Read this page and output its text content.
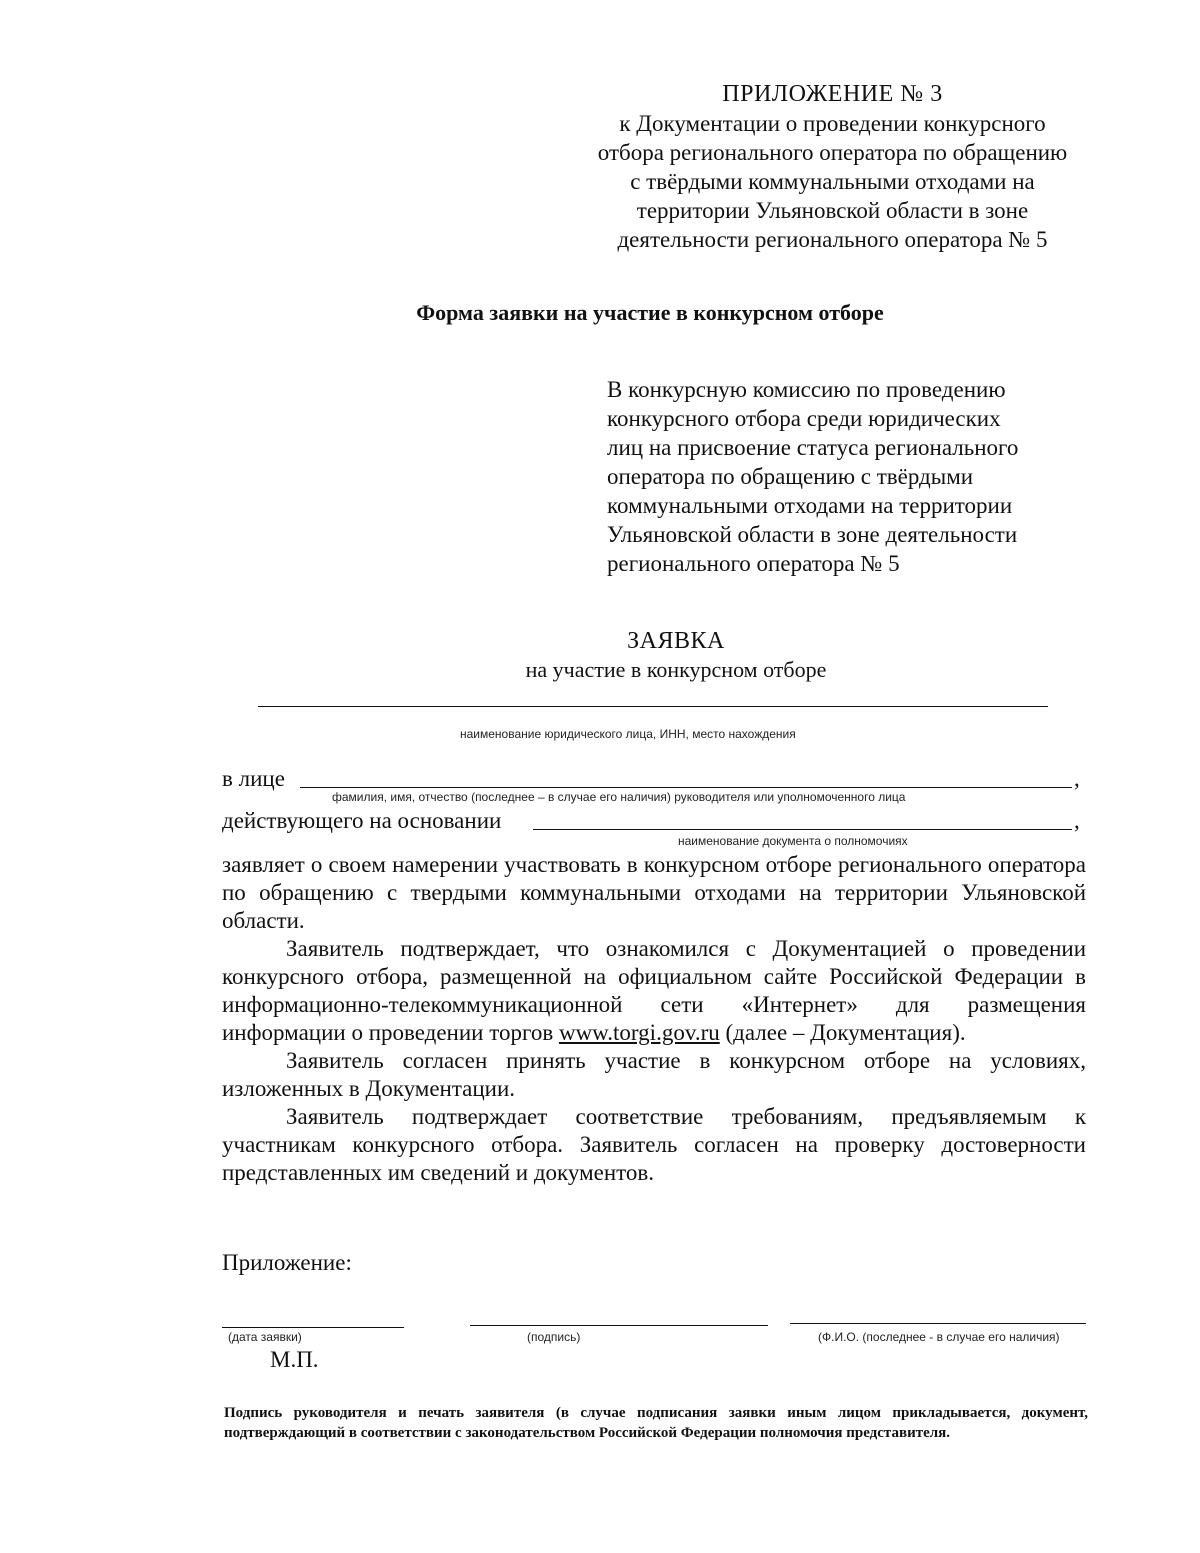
ПРИЛОЖЕНИЕ № 3
к Документации о проведении конкурсного
отбора регионального оператора по обращению
с твёрдыми коммунальными отходами на
территории Ульяновской области в зоне
деятельности регионального оператора № 5
Форма заявки на участие в конкурсном отборе
В конкурсную комиссию по проведению
конкурсного отбора среди юридических
лиц на присвоение статуса регионального
оператора по обращению с твёрдыми
коммунальными отходами на территории
Ульяновской области в зоне деятельности
регионального оператора № 5
ЗАЯВКА
на участие в конкурсном отборе
наименование юридического лица, ИНН, место нахождения
в лице	,
фамилия, имя, отчество (последнее – в случае его наличия) руководителя или уполномоченного лица
действующего на основании	,
наименование документа о полномочиях

заявляет о своем намерении участвовать в конкурсном отборе регионального оператора по обращению с твердыми коммунальными отходами на территории Ульяновской области.

Заявитель подтверждает, что ознакомился с Документацией о проведении конкурсного отбора, размещенной на официальном сайте Российской Федерации в информационно-телекоммуникационной сети «Интернет» для размещения информации о проведении торгов www.torgi.gov.ru (далее – Документация).

Заявитель согласен принять участие в конкурсном отборе на условиях, изложенных в Документации.

Заявитель подтверждает соответствие требованиям, предъявляемым к участникам конкурсного отбора. Заявитель согласен на проверку достоверности представленных им сведений и документов.

Приложение:
(дата заявки)	(подпись)	(Ф.И.О. (последнее - в случае его наличия)
М.П.
Подпись руководителя и печать заявителя (в случае подписания заявки иным лицом прикладывается, документ, подтверждающий в соответствии с законодательством Российской Федерации полномочия представителя.
